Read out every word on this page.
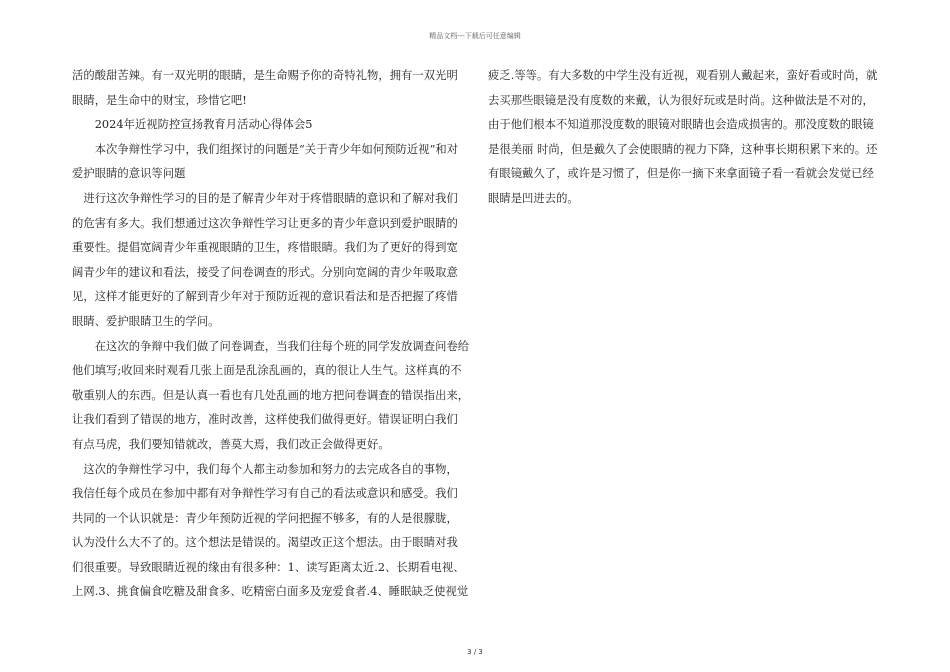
精品文档---下载后可任意编辑
活的酸甜苦辣。有一双光明的眼睛，是生命赐予你的奇特礼物，拥有一双光明
眼睛，是生命中的财宝，珍惜它吧!
　　2024年近视防控宣扬教育月活动心得体会5
　　本次争辩性学习中，我们组探讨的问题是“关于青少年如何预防近视”和对
爱护眼睛的意识等问题
　进行这次争辩性学习的目的是了解青少年对于疼惜眼睛的意识和了解对我们
的危害有多大。我们想通过这次争辩性学习让更多的青少年意识到爱护眼睛的
重要性。提倡宽阔青少年重视眼睛的卫生，疼惜眼睛。我们为了更好的得到宽
阔青少年的建议和看法，接受了问卷调查的形式。分别向宽阔的青少年吸取意
见，这样才能更好的了解到青少年对于预防近视的意识看法和是否把握了疼惜
眼睛、爱护眼睛卫生的学问。
　　在这次的争辩中我们做了问卷调查，当我们往每个班的同学发放调查问卷给
他们填写;收回来时观看几张上面是乱涂乱画的，真的很让人生气。这样真的不
敬重别人的东西。但是认真一看也有几处乱画的地方把问卷调查的错误指出来，
让我们看到了错误的地方，准时改善，这样使我们做得更好。错误证明白我们
有点马虎，我们要知错就改，善莫大焉，我们改正会做得更好。
　这次的争辩性学习中，我们每个人都主动参加和努力的去完成各自的事物，
我信任每个成员在参加中都有对争辩性学习有自己的看法或意识和感受。我们
共同的一个认识就是：青少年预防近视的学问把握不够多，有的人是很朦胧，
认为没什么大不了的。这个想法是错误的。渴望改正这个想法。由于眼睛对我
们很重要。导致眼睛近视的缘由有很多种：1、读写距离太近.2、长期看电视、
上网.3、挑食偏食吃糖及甜食多、吃精密白面多及宠爱食者.4、睡眠缺乏使视觉
疲乏.等等。有大多数的中学生没有近视，观看别人戴起来，蛮好看或时尚，就
去买那些眼镜是没有度数的来戴，认为很好玩或是时尚。这种做法是不对的，
由于他们根本不知道那没度数的眼镜对眼睛也会造成损害的。那没度数的眼镜
是很美丽 时尚，但是戴久了会使眼睛的视力下降，这种事长期积累下来的。还
有眼镜戴久了，或许是习惯了，但是你一摘下来拿面镜子看一看就会发觉已经
眼睛是凹进去的。
3 / 3
